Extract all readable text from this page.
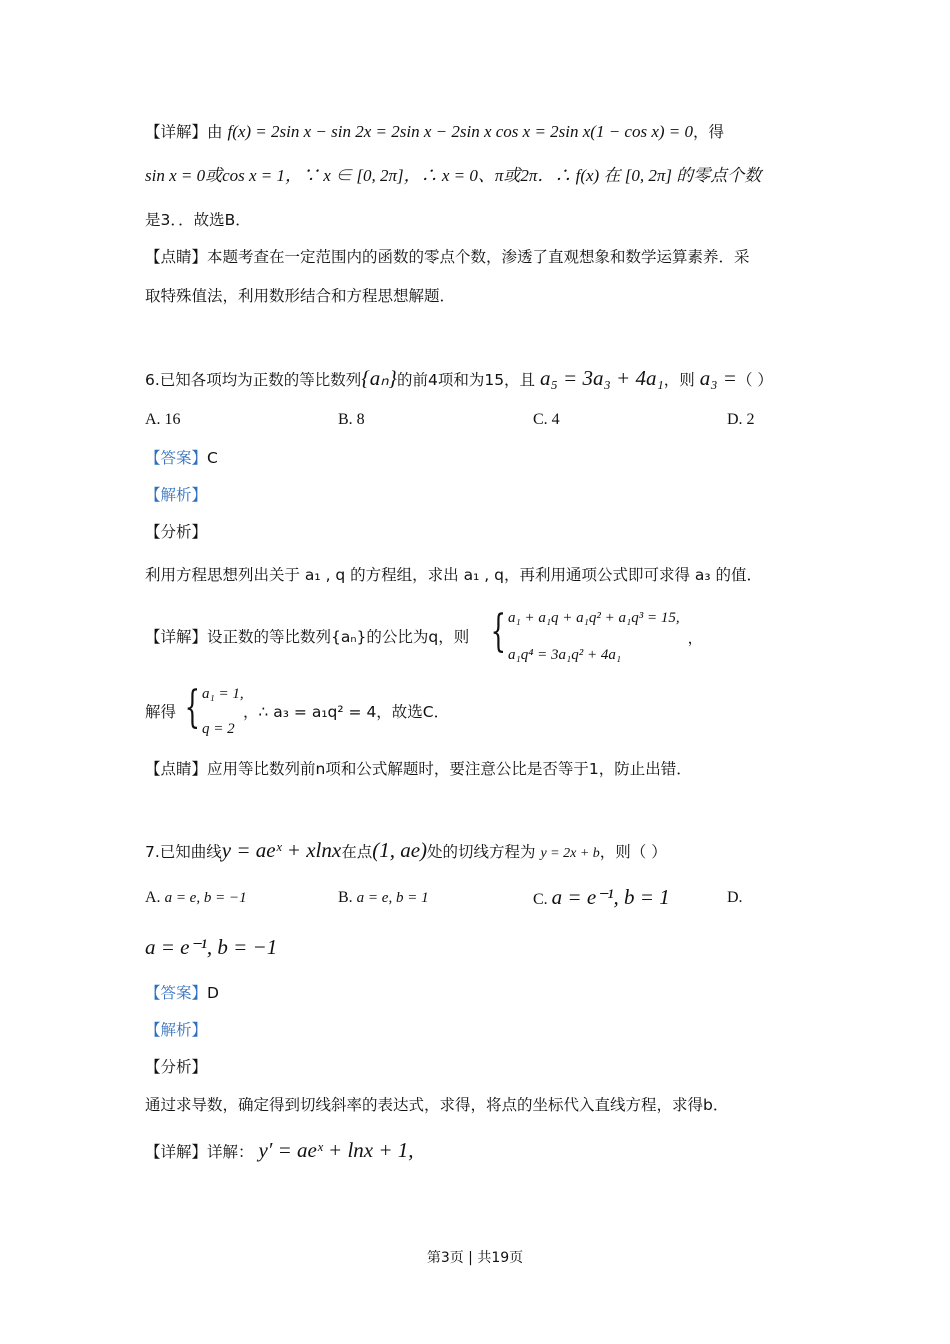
【详解】由 f(x) = 2sin x − sin 2x = 2sin x − 2sin x cos x = 2sin x(1 − cos x) = 0，得
sin x = 0或cos x = 1，∵ x ∈ [0, 2π]，∴ x = 0、π或2π．∴ f(x) 在 [0, 2π] 的零点个数
是3．．故选B．
【点睛】本题考查在一定范围内的函数的零点个数，渗透了直观想象和数学运算素养．采
取特殊值法，利用数形结合和方程思想解题．
6.已知各项均为正数的等比数列{aₙ}的前4项和为15，且 a₅ = 3a₃ + 4a₁，则 a₃ =（ ）
A. 16	B. 8	C. 4	D. 2
【答案】C
【解析】
【分析】
利用方程思想列出关于 a₁ , q 的方程组，求出 a₁ , q，再利用通项公式即可求得 a₃ 的值．
【详解】设正数的等比数列{aₙ}的公比为q，则 { a₁ + a₁q + a₁q² + a₁q³ = 15,
a₁q⁴ = 3a₁q² + 4a₁
，
解得 { a₁ = 1,
q = 2
，∴ a₃ = a₁q² = 4，故选C．
【点睛】应用等比数列前n项和公式解题时，要注意公比是否等于1，防止出错．
7.已知曲线y = aeˣ + xlnx在点(1, ae)处的切线方程为 y = 2x + b，则（ ）
A. a = e, b = −1	B. a = e, b = 1	C. a = e⁻¹, b = 1	D.
a = e⁻¹, b = −1
【答案】D
【解析】
【分析】
通过求导数，确定得到切线斜率的表达式，求得，将点的坐标代入直线方程，求得b．
【详解】详解： y′ = aeˣ + lnx + 1,
第3页 | 共19页
